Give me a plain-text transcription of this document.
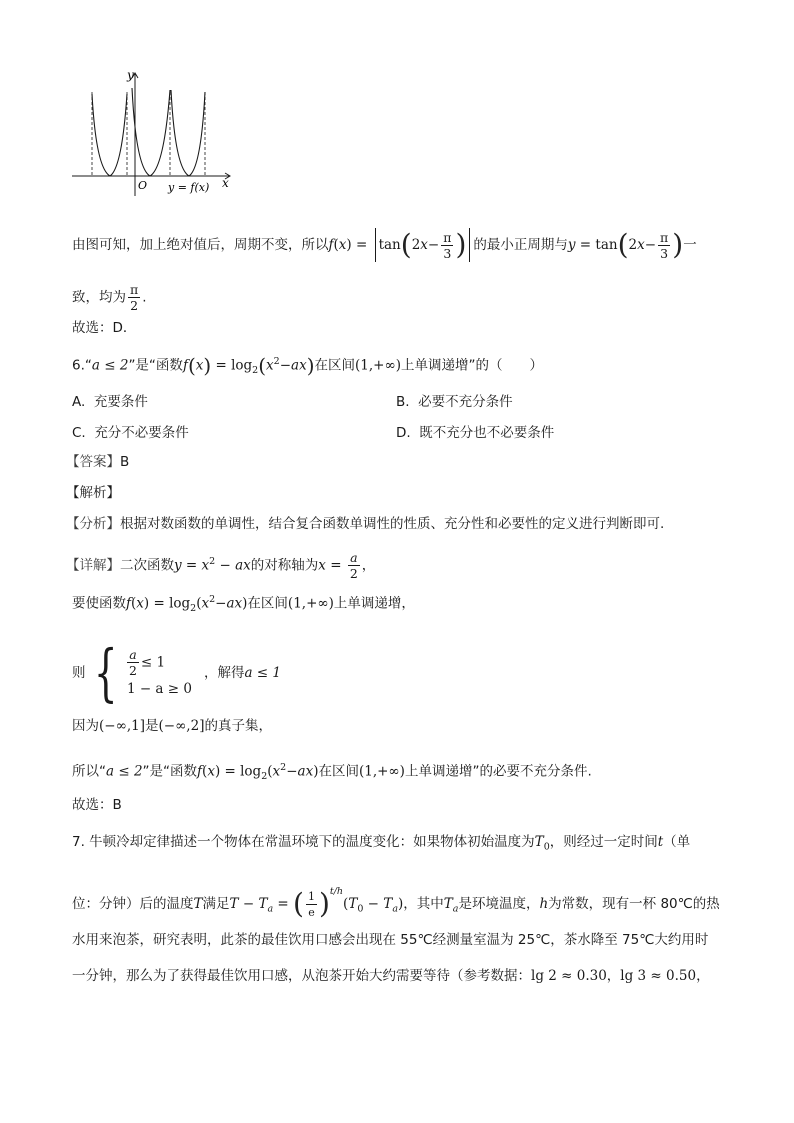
y
x
O y = f(x)
由图可知，加上绝对值后，周期不变，所以$f(x) = \tan(2x- \frac{\pi}{3}$ ) 的最小正周期与$y = \tan(2x- \frac{\pi}{3}$ )一
致，均为 $\frac{\pi}{2}$ .
故选：D．
6.“a ≤ 2”是“函数$f(x) = \log_2(x^2-ax)$在区间(1,+∞)上单调递增”的（　　）
A. 充要条件	B. 必要不充分条件
C. 充分不必要条件	D. 既不充分也不必要条件
【答案】B
【解析】
【分析】根据对数函数的单调性，结合复合函数单调性的性质、充分性和必要性的定义进行判断即可.
【详解】二次函数$y = x^2$ − ax的对称轴为$x = \frac{a}{2}$ ，
要使函数$f(x) = \log_2(x^2-ax)$在区间(1,+∞)上单调递增，
则 { $\frac{a}{2} \le 1$
1 − a ≥ 0
，解得a ≤ 1
因为(−∞,1]是(−∞,2]的真子集，
所以“a ≤ 2”是“函数$f(x) = \log_2(x^2-ax)$在区间(1,+∞)上单调递增”的必要不充分条件.
故选：B
7. 牛顿冷却定律描述一个物体在常温环境下的温度变化：如果物体初始温度为$T_0$，则经过一定时间t（单
位：分钟）后的温度T满足$T - T_a$ = ( $\frac{1}{e} )^{t/h}(T_0 - T_a)$，其中$T_a$是环境温度，h为常数，现有一杯 80℃的热
水用来泡茶，研究表明，此茶的最佳饮用口感会出现在 55℃经测量室温为 25℃，茶水降至 75℃大约用时
一分钟，那么为了获得最佳饮用口感，从泡茶开始大约需要等待（参考数据：lg 2 ≈ 0.30，lg 3 ≈ 0.50，
